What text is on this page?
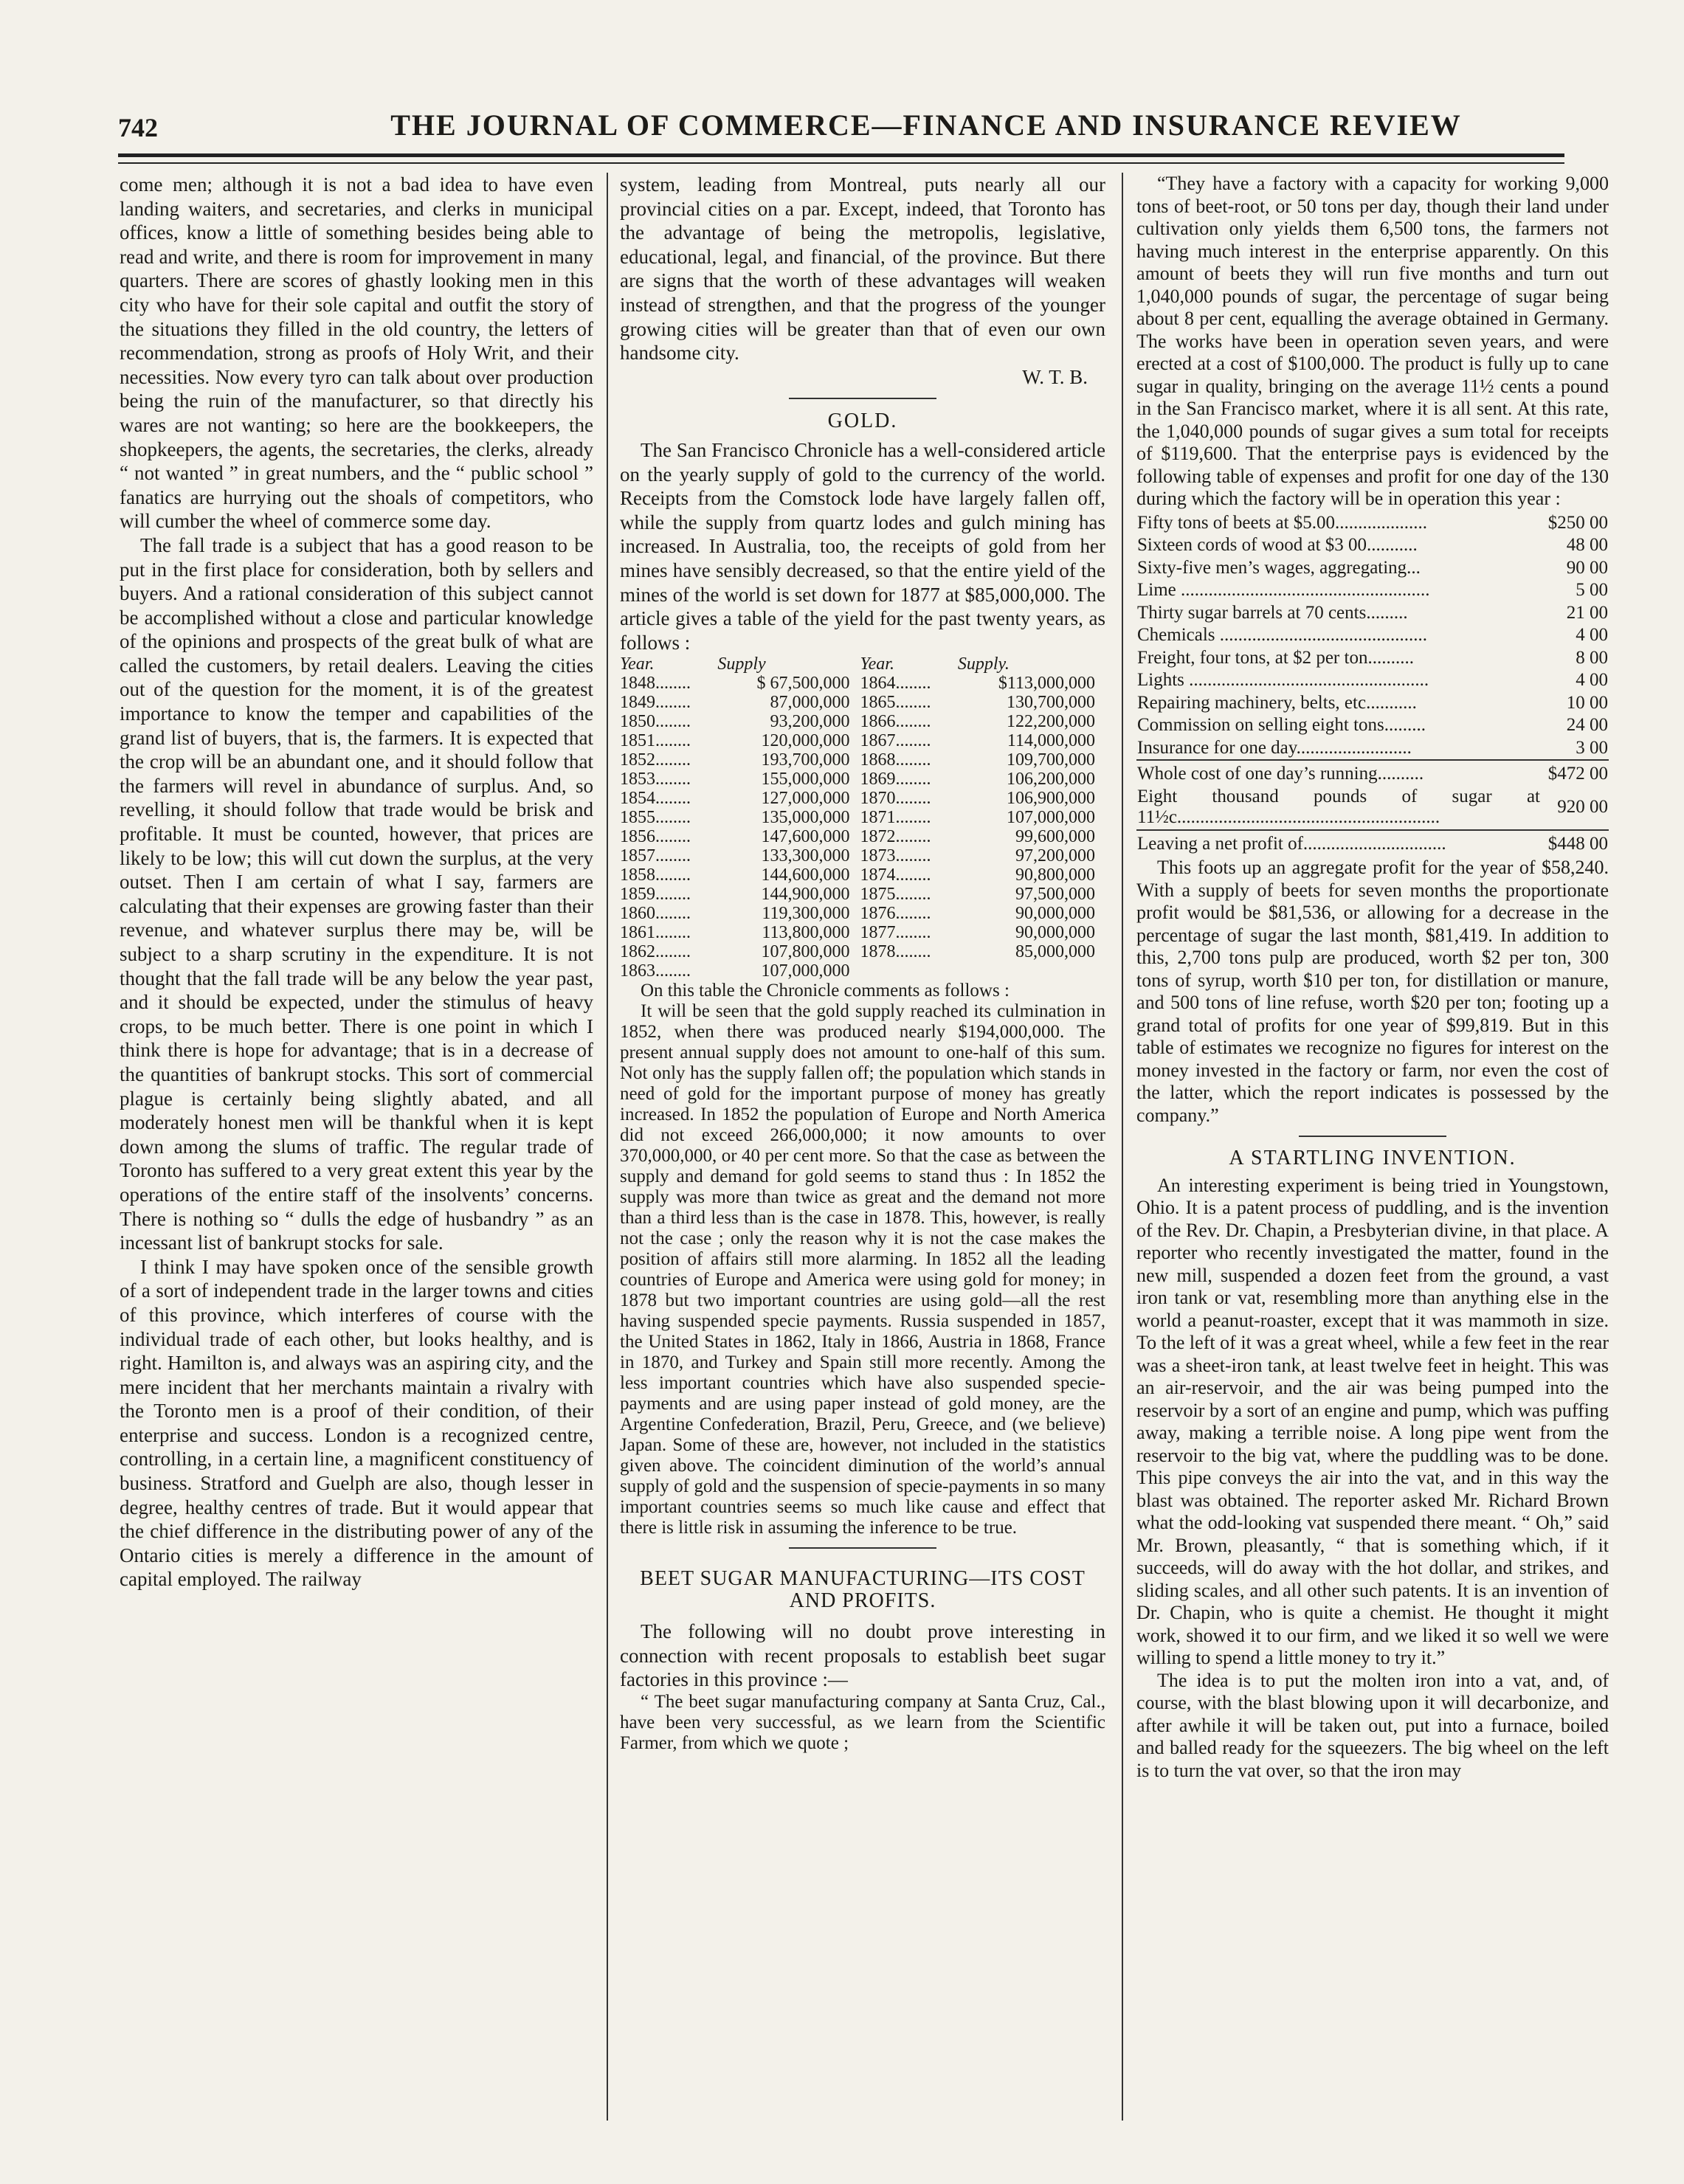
742	THE JOURNAL OF COMMERCE—FINANCE AND INSURANCE REVIEW

come men; although it is not a bad idea to have even landing waiters, and secretaries, and clerks in municipal offices, know a little of something besides being able to read and write, and there is room for improvement in many quarters. There are scores of ghastly looking men in this city who have for their sole capital and outfit the story of the situations they filled in the old country, the letters of recommendation, strong as proofs of Holy Writ, and their necessities. Now every tyro can talk about over production being the ruin of the manufacturer, so that directly his wares are not wanting; so here are the bookkeepers, the shopkeepers, the agents, the secretaries, the clerks, already “ not wanted ” in great numbers, and the “ public school ” fanatics are hurrying out the shoals of competitors, who will cumber the wheel of commerce some day.

The fall trade is a subject that has a good reason to be put in the first place for consideration, both by sellers and buyers. And a rational consideration of this subject cannot be accomplished without a close and particular knowledge of the opinions and prospects of the great bulk of what are called the customers, by retail dealers. Leaving the cities out of the question for the moment, it is of the greatest importance to know the temper and capabilities of the grand list of buyers, that is, the farmers. It is expected that the crop will be an abundant one, and it should follow that the farmers will revel in abundance of surplus. And, so revelling, it should follow that trade would be brisk and profitable. It must be counted, however, that prices are likely to be low; this will cut down the surplus, at the very outset. Then I am certain of what I say, farmers are calculating that their expenses are growing faster than their revenue, and whatever surplus there may be, will be subject to a sharp scrutiny in the expenditure. It is not thought that the fall trade will be any below the year past, and it should be expected, under the stimulus of heavy crops, to be much better. There is one point in which I think there is hope for advantage; that is in a decrease of the quantities of bankrupt stocks. This sort of commercial plague is certainly being slightly abated, and all moderately honest men will be thankful when it is kept down among the slums of traffic. The regular trade of Toronto has suffered to a very great extent this year by the operations of the entire staff of the insolvents’ concerns. There is nothing so “ dulls the edge of husbandry ” as an incessant list of bankrupt stocks for sale.

I think I may have spoken once of the sensible growth of a sort of independent trade in the larger towns and cities of this province, which interferes of course with the individual trade of each other, but looks healthy, and is right. Hamilton is, and always was an aspiring city, and the mere incident that her merchants maintain a rivalry with the Toronto men is a proof of their condition, of their enterprise and success. London is a recognized centre, controlling, in a certain line, a magnificent constituency of business. Stratford and Guelph are also, though lesser in degree, healthy centres of trade. But it would appear that the chief difference in the distributing power of any of the Ontario cities is merely a difference in the amount of capital employed. The railway

system, leading from Montreal, puts nearly all our provincial cities on a par. Except, indeed, that Toronto has the advantage of being the metropolis, legislative, educational, legal, and financial, of the province. But there are signs that the worth of these advantages will weaken instead of strengthen, and that the progress of the younger growing cities will be greater than that of even our own handsome city.

W. T. B.
GOLD.

The San Francisco Chronicle has a well-considered article on the yearly supply of gold to the currency of the world. Receipts from the Comstock lode have largely fallen off, while the supply from quartz lodes and gulch mining has increased. In Australia, too, the receipts of gold from her mines have sensibly decreased, so that the entire yield of the mines of the world is set down for 1877 at $85,000,000. The article gives a table of the yield for the past twenty years, as follows :

Year.	Supply	Year.	Supply.
1848........	$ 67,500,000	1864........	$113,000,000
1849........	87,000,000	1865........	130,700,000
1850........	93,200,000	1866........	122,200,000
1851........	120,000,000	1867........	114,000,000
1852........	193,700,000	1868........	109,700,000
1853........	155,000,000	1869........	106,200,000
1854........	127,000,000	1870........	106,900,000
1855........	135,000,000	1871........	107,000,000
1856........	147,600,000	1872........	99,600,000
1857........	133,300,000	1873........	97,200,000
1858........	144,600,000	1874........	90,800,000
1859........	144,900,000	1875........	97,500,000
1860........	119,300,000	1876........	90,000,000
1861........	113,800,000	1877........	90,000,000
1862........	107,800,000	1878........	85,000,000
1863........	107,000,000		

On this table the Chronicle comments as follows :

It will be seen that the gold supply reached its culmination in 1852, when there was produced nearly $194,000,000. The present annual supply does not amount to one-half of this sum. Not only has the supply fallen off; the population which stands in need of gold for the important purpose of money has greatly increased. In 1852 the population of Europe and North America did not exceed 266,000,000; it now amounts to over 370,000,000, or 40 per cent more. So that the case as between the supply and demand for gold seems to stand thus : In 1852 the supply was more than twice as great and the demand not more than a third less than is the case in 1878. This, however, is really not the case ; only the reason why it is not the case makes the position of affairs still more alarming. In 1852 all the leading countries of Europe and America were using gold for money; in 1878 but two important countries are using gold—all the rest having suspended specie payments. Russia suspended in 1857, the United States in 1862, Italy in 1866, Austria in 1868, France in 1870, and Turkey and Spain still more recently. Among the less important countries which have also suspended specie-payments and are using paper instead of gold money, are the Argentine Confederation, Brazil, Peru, Greece, and (we believe) Japan. Some of these are, however, not included in the statistics given above. The coincident diminution of the world’s annual supply of gold and the suspension of specie-payments in so many important countries seems so much like cause and effect that there is little risk in assuming the inference to be true.

BEET SUGAR MANUFACTURING—ITS COST AND PROFITS.

The following will no doubt prove interesting in connection with recent proposals to establish beet sugar factories in this province :—

“ The beet sugar manufacturing company at Santa Cruz, Cal., have been very successful, as we learn from the Scientific Farmer, from which we quote ;

“They have a factory with a capacity for working 9,000 tons of beet-root, or 50 tons per day, though their land under cultivation only yields them 6,500 tons, the farmers not having much interest in the enterprise apparently. On this amount of beets they will run five months and turn out 1,040,000 pounds of sugar, the percentage of sugar being about 8 per cent, equalling the average obtained in Germany. The works have been in operation seven years, and were erected at a cost of $100,000. The product is fully up to cane sugar in quality, bringing on the average 11½ cents a pound in the San Francisco market, where it is all sent. At this rate, the 1,040,000 pounds of sugar gives a sum total for receipts of $119,600. That the enterprise pays is evidenced by the following table of expenses and profit for one day of the 130 during which the factory will be in operation this year :

Fifty tons of beets at $5.00....................	$250 00
Sixteen cords of wood at $3 00...........	48 00
Sixty-five men’s wages, aggregating...	90 00
Lime ......................................................	5 00
Thirty sugar barrels at 70 cents.........	21 00
Chemicals .............................................	4 00
Freight, four tons, at $2 per ton..........	8 00
Lights ....................................................	4 00
Repairing machinery, belts, etc...........	10 00
Commission on selling eight tons.........	24 00
Insurance for one day.........................	3 00
Whole cost of one day’s running..........	$472 00
Eight thousand pounds of sugar at 11½c.........................................................	920 00
Leaving a net profit of...............................	$448 00

This foots up an aggregate profit for the year of $58,240. With a supply of beets for seven months the proportionate profit would be $81,536, or allowing for a decrease in the percentage of sugar the last month, $81,419. In addition to this, 2,700 tons pulp are produced, worth $2 per ton, 300 tons of syrup, worth $10 per ton, for distillation or manure, and 500 tons of line refuse, worth $20 per ton; footing up a grand total of profits for one year of $99,819. But in this table of estimates we recognize no figures for interest on the money invested in the factory or farm, nor even the cost of the latter, which the report indicates is possessed by the company.”

A STARTLING INVENTION.

An interesting experiment is being tried in Youngstown, Ohio. It is a patent process of puddling, and is the invention of the Rev. Dr. Chapin, a Presbyterian divine, in that place. A reporter who recently investigated the matter, found in the new mill, suspended a dozen feet from the ground, a vast iron tank or vat, resembling more than anything else in the world a peanut-roaster, except that it was mammoth in size. To the left of it was a great wheel, while a few feet in the rear was a sheet-iron tank, at least twelve feet in height. This was an air-reservoir, and the air was being pumped into the reservoir by a sort of an engine and pump, which was puffing away, making a terrible noise. A long pipe went from the reservoir to the big vat, where the puddling was to be done. This pipe conveys the air into the vat, and in this way the blast was obtained. The reporter asked Mr. Richard Brown what the odd-looking vat suspended there meant. “ Oh,” said Mr. Brown, pleasantly, “ that is something which, if it succeeds, will do away with the hot dollar, and strikes, and sliding scales, and all other such patents. It is an invention of Dr. Chapin, who is quite a chemist. He thought it might work, showed it to our firm, and we liked it so well we were willing to spend a little money to try it.”

The idea is to put the molten iron into a vat, and, of course, with the blast blowing upon it will decarbonize, and after awhile it will be taken out, put into a furnace, boiled and balled ready for the squeezers. The big wheel on the left is to turn the vat over, so that the iron may
